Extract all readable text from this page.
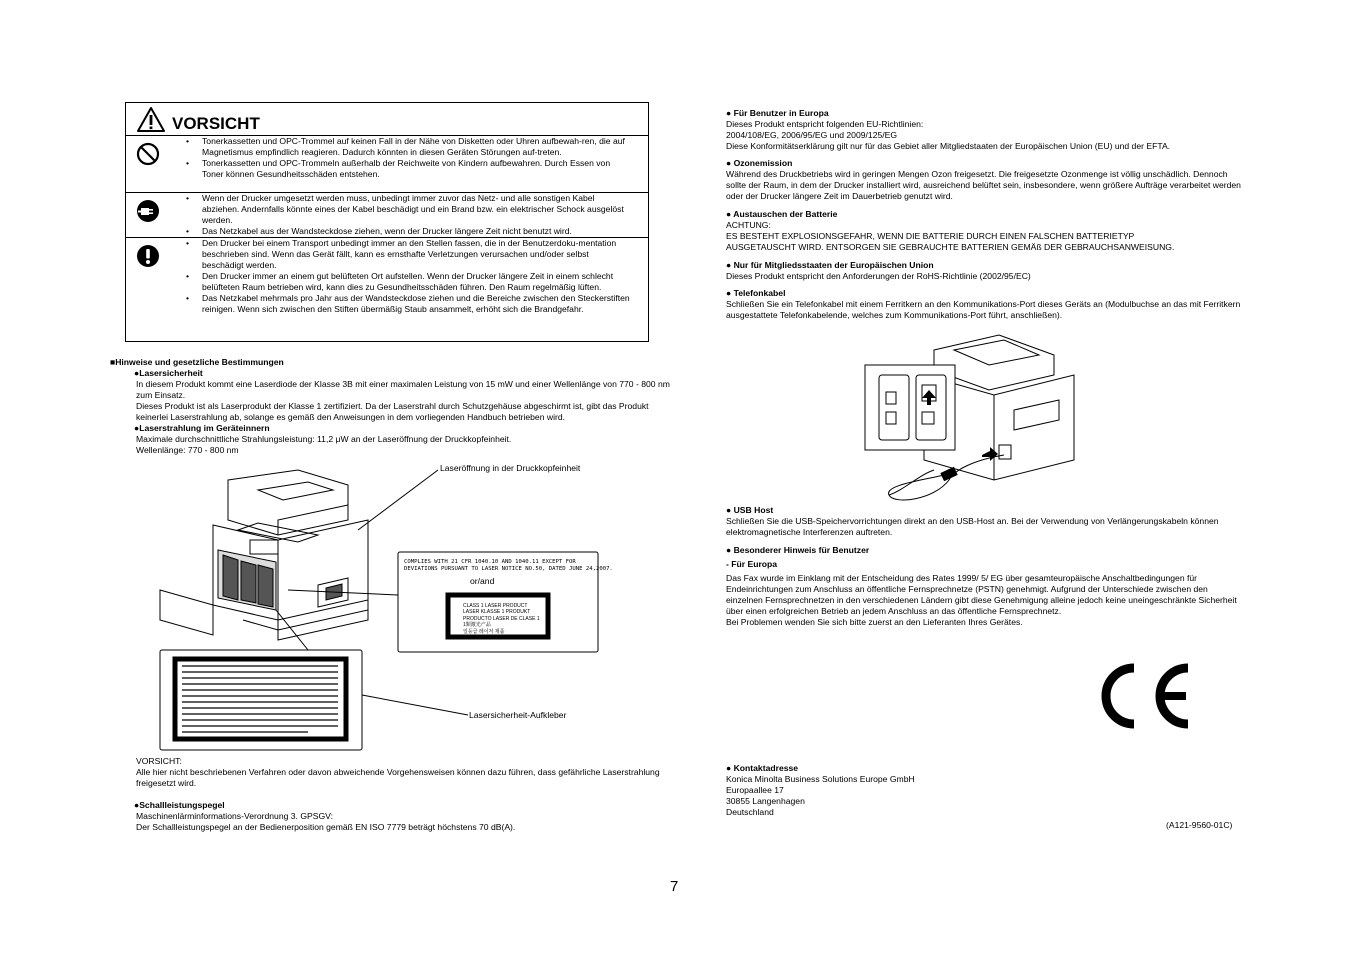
VORSICHT
• Tonerkassetten und OPC-Trommel auf keinen Fall in der Nähe von Disketten oder Uhren aufbewah-ren, die auf Magnetismus empfindlich reagieren. Dadurch könnten in diesen Geräten Störungen auf-treten.
• Tonerkassetten und OPC-Trommeln außerhalb der Reichweite von Kindern aufbewahren. Durch Essen von Toner können Gesundheitsschäden entstehen.
• Wenn der Drucker umgesetzt werden muss, unbedingt immer zuvor das Netz- und alle sonstigen Kabel abziehen. Andernfalls könnte eines der Kabel beschädigt und ein Brand bzw. ein elektrischer Schock ausgelöst werden.
• Das Netzkabel aus der Wandsteckdose ziehen, wenn der Drucker längere Zeit nicht benutzt wird.
• Den Drucker bei einem Transport unbedingt immer an den Stellen fassen, die in der Benutzerdoku-mentation beschrieben sind. Wenn das Gerät fällt, kann es ernsthafte Verletzungen verursachen und/oder selbst beschädigt werden.
• Den Drucker immer an einem gut belüfteten Ort aufstellen. Wenn der Drucker längere Zeit in einem schlecht belüfteten Raum betrieben wird, kann dies zu Gesundheitsschäden führen. Den Raum regelmäßig lüften.
• Das Netzkabel mehrmals pro Jahr aus der Wandsteckdose ziehen und die Bereiche zwischen den Steckerstiften reinigen. Wenn sich zwischen den Stiften übermäßig Staub ansammelt, erhöht sich die Brandgefahr.

■Hinweise und gesetzliche Bestimmungen

●Lasersicherheit

In diesem Produkt kommt eine Laserdiode der Klasse 3B mit einer maximalen Leistung von 15 mW und einer Wellenlänge von 770 - 800 nm zum Einsatz.

Dieses Produkt ist als Laserprodukt der Klasse 1 zertifiziert. Da der Laserstrahl durch Schutzgehäuse abgeschirmt ist, gibt das Produkt keinerlei Laserstrahlung ab, solange es gemäß den Anweisungen in dem vorliegenden Handbuch betrieben wird.

●Laserstrahlung im Geräteinnern

Maximale durchschnittliche Strahlungsleistung: 11,2 μW an der Laseröffnung der Druckkopfeinheit.

Wellenlänge: 770 - 800 nm

Laseröffnung in der Druckkopfeinheit
COMPLIES WITH 21 CFR 1040.10 AND 1040.11 EXCEPT FOR
DEVIATIONS PURSUANT TO LASER NOTICE NO.50, DATED JUNE 24,2007.
or/and
CLASS 1 LASER PRODUCT
LASER KLASSE 1 PRODUKT
PRODUCTO LASER DE CLASE 1
1類激光产品
일등급 레이저 제품
Lasersicherheit-Aufkleber

VORSICHT:

Alle hier nicht beschriebenen Verfahren oder davon abweichende Vorgehensweisen können dazu führen, dass gefährliche Laserstrahlung freigesetzt wird.

●Schallleistungspegel

Maschinenlärminformations-Verordnung 3. GPSGV:

Der Schallleistungspegel an der Bedienerposition gemäß EN ISO 7779 beträgt höchstens 70 dB(A).

● Für Benutzer in Europa

Dieses Produkt entspricht folgenden EU-Richtlinien:

2004/108/EG, 2006/95/EG und 2009/125/EG

Diese Konformitätserklärung gilt nur für das Gebiet aller Mitgliedstaaten der Europäischen Union (EU) und der EFTA.

● Ozonemission

Während des Druckbetriebs wird in geringen Mengen Ozon freigesetzt. Die freigesetzte Ozonmenge ist völlig unschädlich. Dennoch sollte der Raum, in dem der Drucker installiert wird, ausreichend belüftet sein, insbesondere, wenn größere Aufträge verarbeitet werden oder der Drucker längere Zeit im Dauerbetrieb genutzt wird.

● Austauschen der Batterie

ACHTUNG:

ES BESTEHT EXPLOSIONSGEFAHR, WENN DIE BATTERIE DURCH EINEN FALSCHEN BATTERIETYP

AUSGETAUSCHT WIRD. ENTSORGEN SIE GEBRAUCHTE BATTERIEN GEMÄß DER GEBRAUCHSANWEISUNG.

● Nur für Mitgliedsstaaten der Europäischen Union

Dieses Produkt entspricht den Anforderungen der RoHS-Richtlinie (2002/95/EC)

● Telefonkabel

Schließen Sie ein Telefonkabel mit einem Ferritkern an den Kommunikations-Port dieses Geräts an (Modulbuchse an das mit Ferritkern ausgestattete Telefonkabelende, welches zum Kommunikations-Port führt, anschließen).

● USB Host

Schließen Sie die USB-Speichervorrichtungen direkt an den USB-Host an. Bei der Verwendung von Verlängerungskabeln können elektromagnetische Interferenzen auftreten.

● Besonderer Hinweis für Benutzer

- Für Europa

Das Fax wurde im Einklang mit der Entscheidung des Rates 1999/ 5/ EG über gesamteuropäische Anschaltbedingungen für Endeinrichtungen zum Anschluss an öffentliche Fernsprechnetze (PSTN) genehmigt. Aufgrund der Unterschiede zwischen den einzelnen Fernsprechnetzen in den verschiedenen Ländern gibt diese Genehmigung alleine jedoch keine uneingeschränkte Sicherheit über einen erfolgreichen Betrieb an jedem Anschluss an das öffentliche Fernsprechnetz.

Bei Problemen wenden Sie sich bitte zuerst an den Lieferanten Ihres Gerätes.

● Kontaktadresse

Konica Minolta Business Solutions Europe GmbH

Europaallee 17

30855 Langenhagen

Deutschland

(A121-9560-01C)
7
